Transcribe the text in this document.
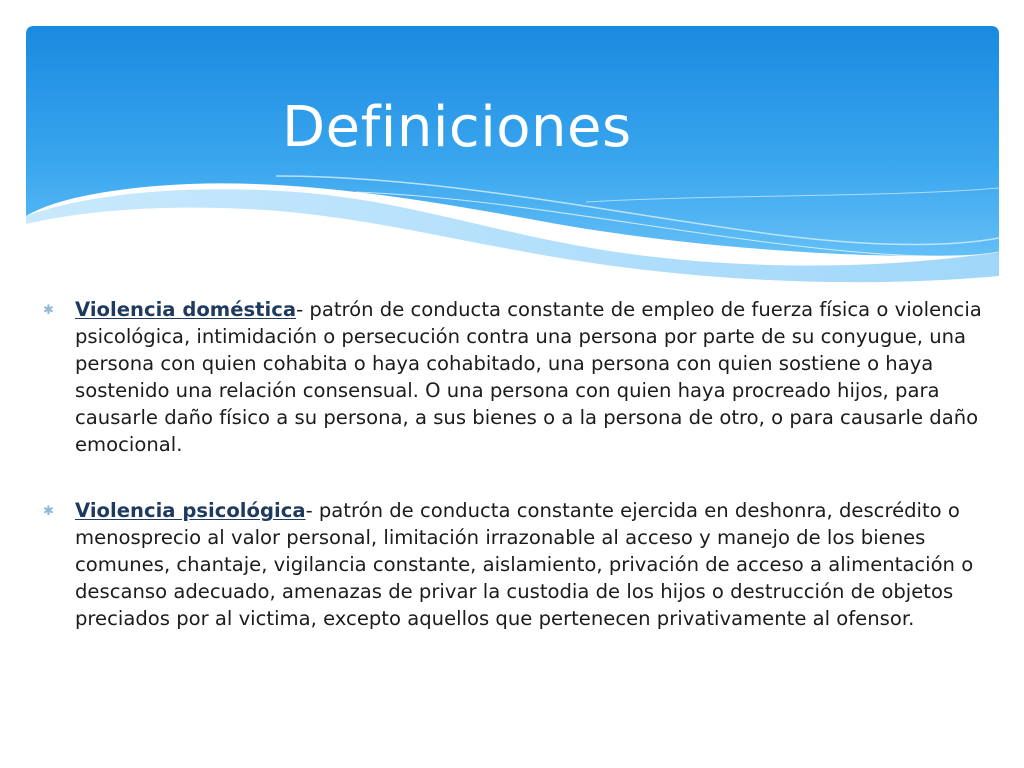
Definiciones
✱ Violencia doméstica- patrón de conducta constante de empleo de fuerza física o violencia psicológica, intimidación o persecución contra una persona por parte de su conyugue, una persona con quien cohabita o haya cohabitado, una persona con quien sostiene o haya sostenido una relación consensual. O una persona con quien haya procreado hijos, para causarle daño físico a su persona, a sus bienes o a la persona de otro, o para causarle daño emocional.
✱ Violencia psicológica- patrón de conducta constante ejercida en deshonra, descrédito o menosprecio al valor personal, limitación irrazonable al acceso y manejo de los bienes comunes, chantaje, vigilancia constante, aislamiento, privación de acceso a alimentación o descanso adecuado, amenazas de privar la custodia de los hijos o destrucción de objetos preciados por al victima, excepto aquellos que pertenecen privativamente al ofensor.
